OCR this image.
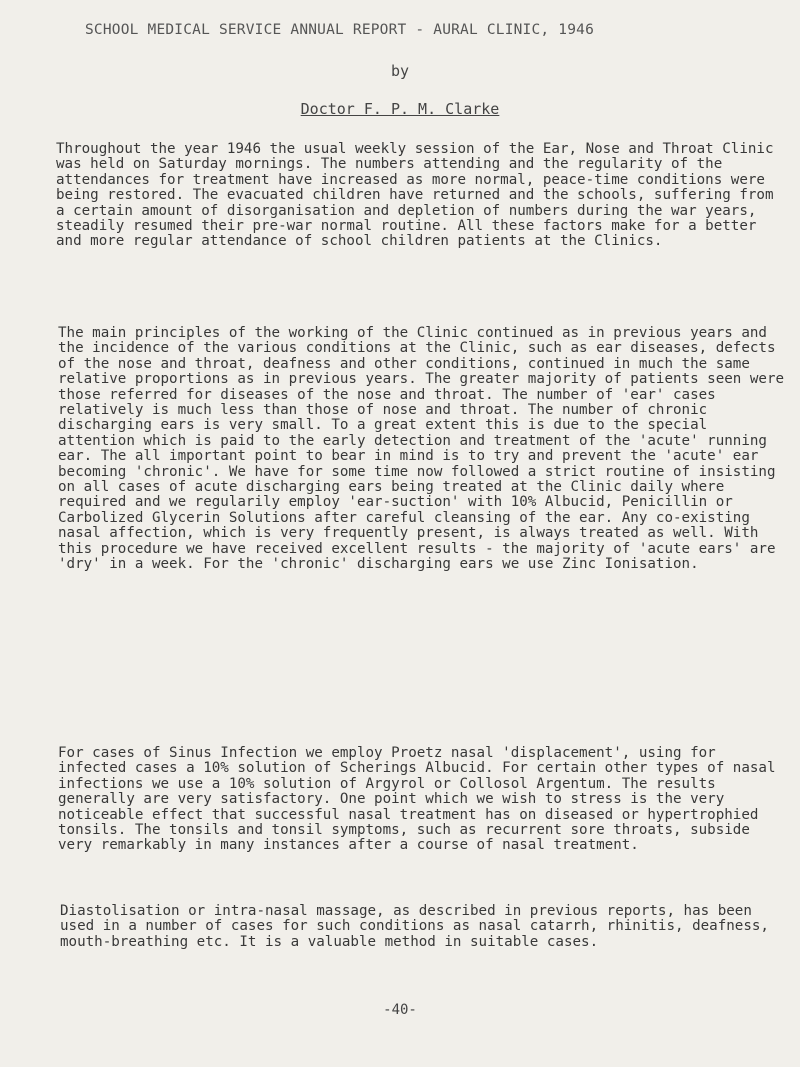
SCHOOL MEDICAL SERVICE ANNUAL REPORT - AURAL CLINIC, 1946
by
Doctor F. P. M. Clarke

Throughout the year 1946 the usual weekly session of the Ear, Nose and Throat Clinic was held on Saturday mornings. The numbers attending and the regularity of the attendances for treatment have increased as more normal, peace-time conditions were being restored. The evacuated children have returned and the schools, suffering from a certain amount of disorganisation and depletion of numbers during the war years, steadily resumed their pre-war normal routine. All these factors make for a better and more regular attendance of school children patients at the Clinics.

The main principles of the working of the Clinic continued as in previous years and the incidence of the various conditions at the Clinic, such as ear diseases, defects of the nose and throat, deafness and other conditions, continued in much the same relative proportions as in previous years. The greater majority of patients seen were those referred for diseases of the nose and throat. The number of 'ear' cases relatively is much less than those of nose and throat. The number of chronic discharging ears is very small. To a great extent this is due to the special attention which is paid to the early detection and treatment of the 'acute' running ear. The all important point to bear in mind is to try and prevent the 'acute' ear becoming 'chronic'. We have for some time now followed a strict routine of insisting on all cases of acute discharging ears being treated at the Clinic daily where required and we regularily employ 'ear-suction' with 10% Albucid, Penicillin or Carbolized Glycerin Solutions after careful cleansing of the ear. Any co-existing nasal affection, which is very frequently present, is always treated as well. With this procedure we have received excellent results - the majority of 'acute ears' are 'dry' in a week. For the 'chronic' discharging ears we use Zinc Ionisation.

For cases of Sinus Infection we employ Proetz nasal 'displacement', using for infected cases a 10% solution of Scherings Albucid. For certain other types of nasal infections we use a 10% solution of Argyrol or Collosol Argentum. The results generally are very satisfactory. One point which we wish to stress is the very noticeable effect that successful nasal treatment has on diseased or hypertrophied tonsils. The tonsils and tonsil symptoms, such as recurrent sore throats, subside very remarkably in many instances after a course of nasal treatment.

Diastolisation or intra-nasal massage, as described in previous reports, has been used in a number of cases for such conditions as nasal catarrh, rhinitis, deafness, mouth-breathing etc. It is a valuable method in suitable cases.

-40-
